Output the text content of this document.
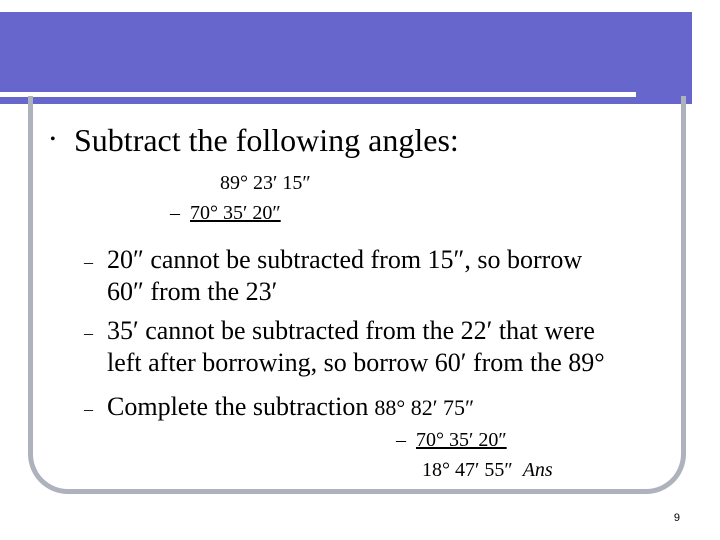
• Subtract the following angles:
89° 23′ 15″
– 70° 35′ 20″
– 20″ cannot be subtracted from 15″, so borrow
60″ from the 23′
– 35′ cannot be subtracted from the 22′ that were
left after borrowing, so borrow 60′ from the 89°
– Complete the subtraction 88° 82′ 75″
– 70° 35′ 20″
18° 47′ 55″ Ans
9
